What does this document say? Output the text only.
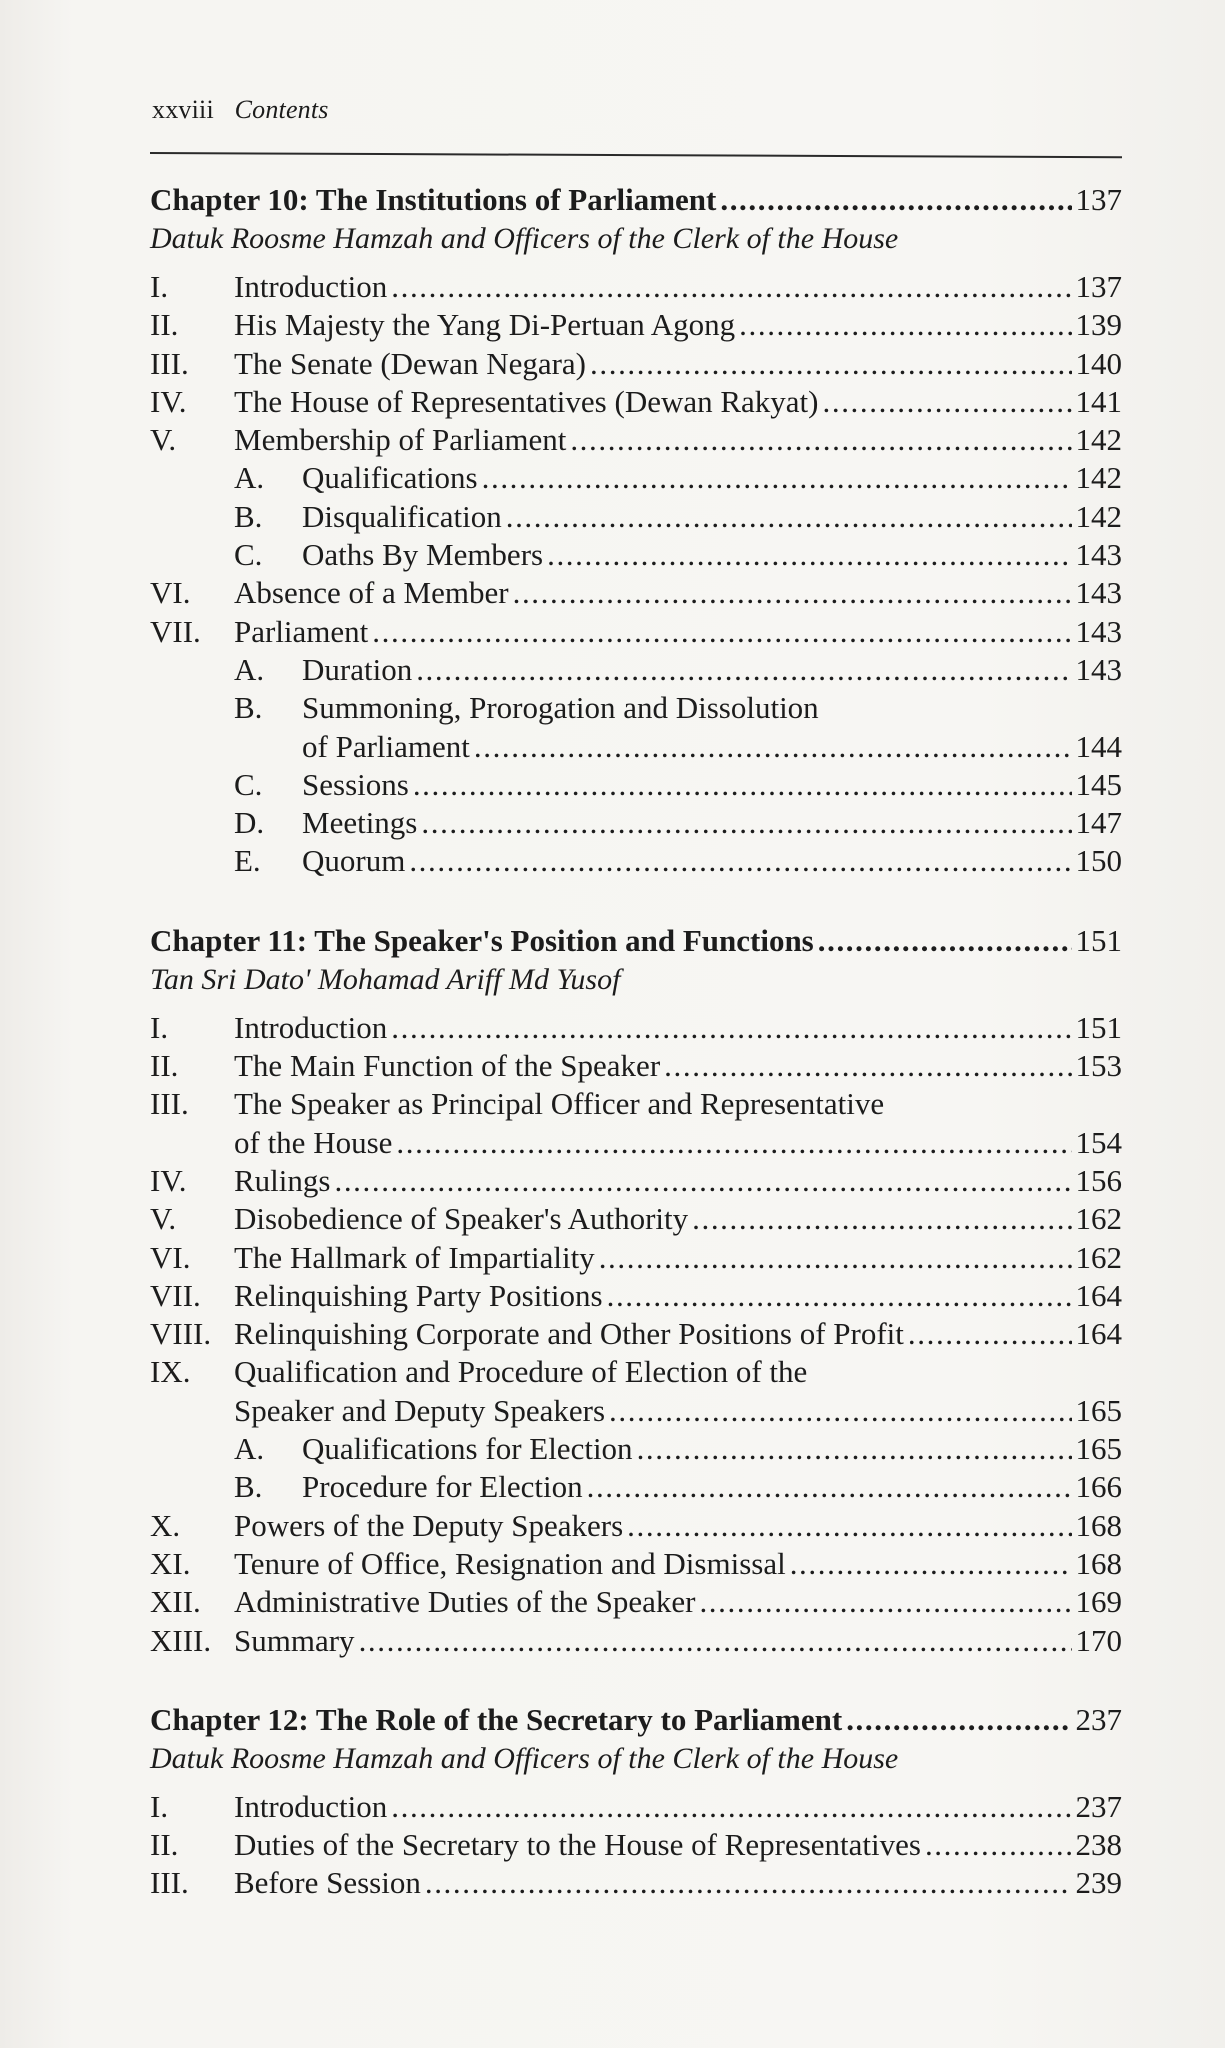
xxviii Contents
Chapter 10: The Institutions of Parliament .....	137
Datuk Roosme Hamzah and Officers of the Clerk of the House
I.	Introduction .....	137
II.	His Majesty the Yang Di-Pertuan Agong .....	139
III.	The Senate (Dewan Negara) .....	140
IV.	The House of Representatives (Dewan Rakyat) .....	141
V.	Membership of Parliament .....	142
A.	Qualifications .....	142
B.	Disqualification .....	142
C.	Oaths By Members .....	143
VI.	Absence of a Member .....	143
VII.	Parliament .....	143
A.	Duration .....	143
B.	Summoning, Prorogation and Dissolution
of Parliament .....	144
C.	Sessions .....	145
D.	Meetings .....	147
E.	Quorum .....	150
Chapter 11: The Speaker's Position and Functions .....	151
Tan Sri Dato' Mohamad Ariff Md Yusof
I.	Introduction .....	151
II.	The Main Function of the Speaker .....	153
III.	The Speaker as Principal Officer and Representative
of the House .....	154
IV.	Rulings .....	156
V.	Disobedience of Speaker's Authority .....	162
VI.	The Hallmark of Impartiality .....	162
VII.	Relinquishing Party Positions .....	164
VIII. Relinquishing Corporate and Other Positions of Profit .....	164
IX.	Qualification and Procedure of Election of the
Speaker and Deputy Speakers .....	165
A.	Qualifications for Election .....	165
B.	Procedure for Election .....	166
X.	Powers of the Deputy Speakers .....	168
XI.	Tenure of Office, Resignation and Dismissal .....	168
XII.	Administrative Duties of the Speaker .....	169
XIII. Summary .....	170
Chapter 12: The Role of the Secretary to Parliament .....	237
Datuk Roosme Hamzah and Officers of the Clerk of the House
I.	Introduction .....	237
II.	Duties of the Secretary to the House of Representatives .....	238
III.	Before Session .....	239
